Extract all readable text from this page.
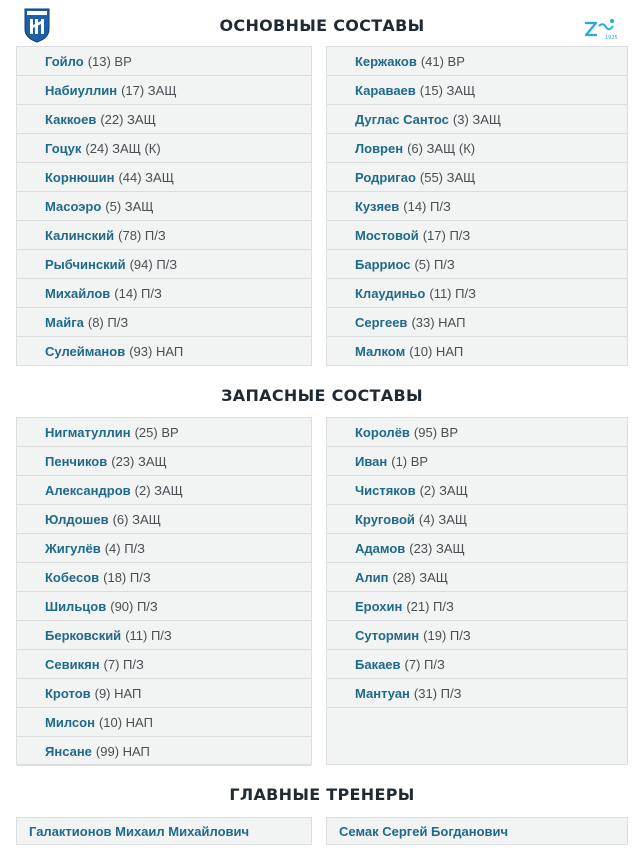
ОСНОВНЫЕ СОСТАВЫ
1925
Гойло (13) ВР
Набиуллин (17) ЗАЩ
Каккоев (22) ЗАЩ
Гоцук (24) ЗАЩ (К)
Корнюшин (44) ЗАЩ
Масоэро (5) ЗАЩ
Калинский (78) П/З
Рыбчинский (94) П/З
Михайлов (14) П/З
Майга (8) П/З
Сулейманов (93) НАП
Кержаков (41) ВР
Караваев (15) ЗАЩ
Дуглас Сантос (3) ЗАЩ
Ловрен (6) ЗАЩ (К)
Родригао (55) ЗАЩ
Кузяев (14) П/З
Мостовой (17) П/З
Барриос (5) П/З
Клаудиньо (11) П/З
Сергеев (33) НАП
Малком (10) НАП
ЗАПАСНЫЕ СОСТАВЫ
Нигматуллин (25) ВР
Пенчиков (23) ЗАЩ
Александров (2) ЗАЩ
Юлдошев (6) ЗАЩ
Жигулёв (4) П/З
Кобесов (18) П/З
Шильцов (90) П/З
Берковский (11) П/З
Севикян (7) П/З
Кротов (9) НАП
Милсон (10) НАП
Янсане (99) НАП
Королёв (95) ВР
Иван (1) ВР
Чистяков (2) ЗАЩ
Круговой (4) ЗАЩ
Адамов (23) ЗАЩ
Алип (28) ЗАЩ
Ерохин (21) П/З
Сутормин (19) П/З
Бакаев (7) П/З
Мантуан (31) П/З
ГЛАВНЫЕ ТРЕНЕРЫ
Галактионов Михаил Михайлович	Семак Сергей Богданович
